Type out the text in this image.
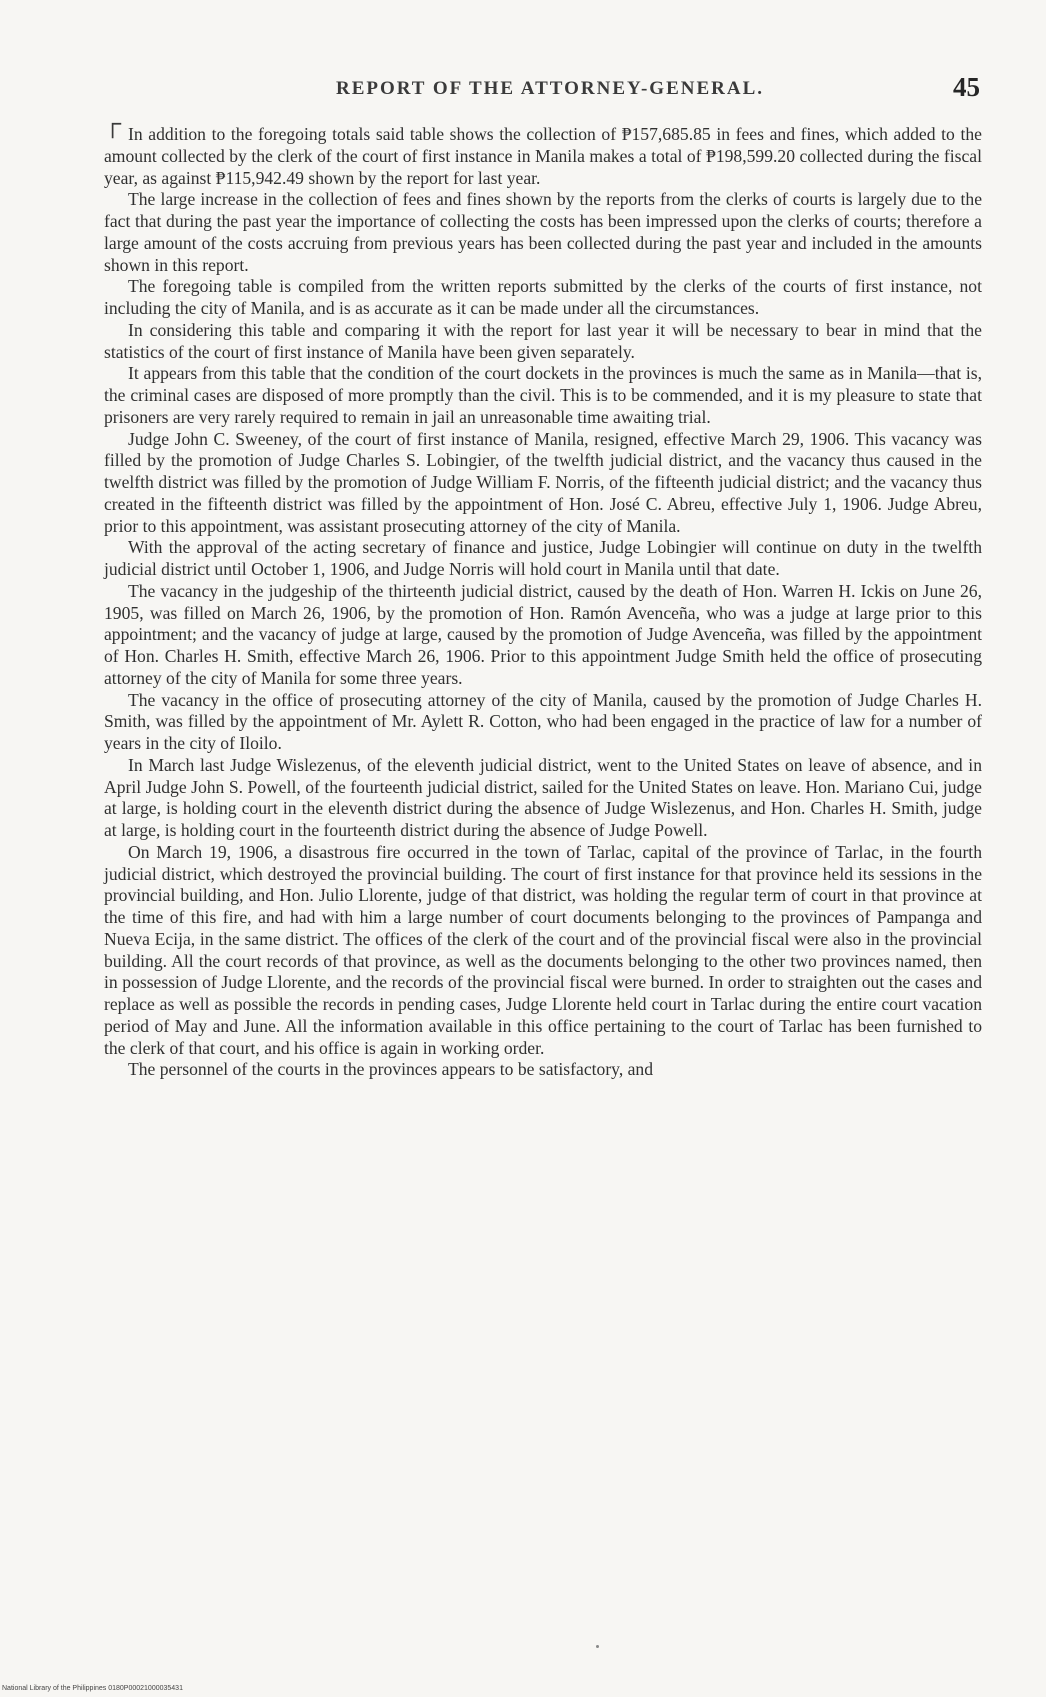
REPORT OF THE ATTORNEY-GENERAL.	45
┌ In addition to the foregoing totals said table shows the collection of ₱157,685.85 in fees and fines, which added to the amount collected by the clerk of the court of first instance in Manila makes a total of ₱198,599.20 collected during the fiscal year, as against ₱115,942.49 shown by the report for last year.

The large increase in the collection of fees and fines shown by the reports from the clerks of courts is largely due to the fact that during the past year the importance of collecting the costs has been impressed upon the clerks of courts; therefore a large amount of the costs accruing from previous years has been collected during the past year and included in the amounts shown in this report.

The foregoing table is compiled from the written reports submitted by the clerks of the courts of first instance, not including the city of Manila, and is as accurate as it can be made under all the circumstances.

In considering this table and comparing it with the report for last year it will be necessary to bear in mind that the statistics of the court of first instance of Manila have been given separately.

It appears from this table that the condition of the court dockets in the provinces is much the same as in Manila—that is, the criminal cases are disposed of more promptly than the civil. This is to be commended, and it is my pleasure to state that prisoners are very rarely required to remain in jail an unreasonable time awaiting trial.

Judge John C. Sweeney, of the court of first instance of Manila, resigned, effective March 29, 1906. This vacancy was filled by the promotion of Judge Charles S. Lobingier, of the twelfth judicial district, and the vacancy thus caused in the twelfth district was filled by the promotion of Judge William F. Norris, of the fifteenth judicial district; and the vacancy thus created in the fifteenth district was filled by the appointment of Hon. José C. Abreu, effective July 1, 1906. Judge Abreu, prior to this appointment, was assistant prosecuting attorney of the city of Manila.

With the approval of the acting secretary of finance and justice, Judge Lobingier will continue on duty in the twelfth judicial district until October 1, 1906, and Judge Norris will hold court in Manila until that date.

The vacancy in the judgeship of the thirteenth judicial district, caused by the death of Hon. Warren H. Ickis on June 26, 1905, was filled on March 26, 1906, by the promotion of Hon. Ramón Avenceña, who was a judge at large prior to this appointment; and the vacancy of judge at large, caused by the promotion of Judge Avenceña, was filled by the appointment of Hon. Charles H. Smith, effective March 26, 1906. Prior to this appointment Judge Smith held the office of prosecuting attorney of the city of Manila for some three years.

The vacancy in the office of prosecuting attorney of the city of Manila, caused by the promotion of Judge Charles H. Smith, was filled by the appointment of Mr. Aylett R. Cotton, who had been engaged in the practice of law for a number of years in the city of Iloilo.

In March last Judge Wislezenus, of the eleventh judicial district, went to the United States on leave of absence, and in April Judge John S. Powell, of the fourteenth judicial district, sailed for the United States on leave. Hon. Mariano Cui, judge at large, is holding court in the eleventh district during the absence of Judge Wislezenus, and Hon. Charles H. Smith, judge at large, is holding court in the fourteenth district during the absence of Judge Powell.

On March 19, 1906, a disastrous fire occurred in the town of Tarlac, capital of the province of Tarlac, in the fourth judicial district, which destroyed the provincial building. The court of first instance for that province held its sessions in the provincial building, and Hon. Julio Llorente, judge of that district, was holding the regular term of court in that province at the time of this fire, and had with him a large number of court documents belonging to the provinces of Pampanga and Nueva Ecija, in the same district. The offices of the clerk of the court and of the provincial fiscal were also in the provincial building. All the court records of that province, as well as the documents belonging to the other two provinces named, then in possession of Judge Llorente, and the records of the provincial fiscal were burned. In order to straighten out the cases and replace as well as possible the records in pending cases, Judge Llorente held court in Tarlac during the entire court vacation period of May and June. All the information available in this office pertaining to the court of Tarlac has been furnished to the clerk of that court, and his office is again in working order.

The personnel of the courts in the provinces appears to be satisfactory, and

National Library of the Philippines 0180P00021000035431
